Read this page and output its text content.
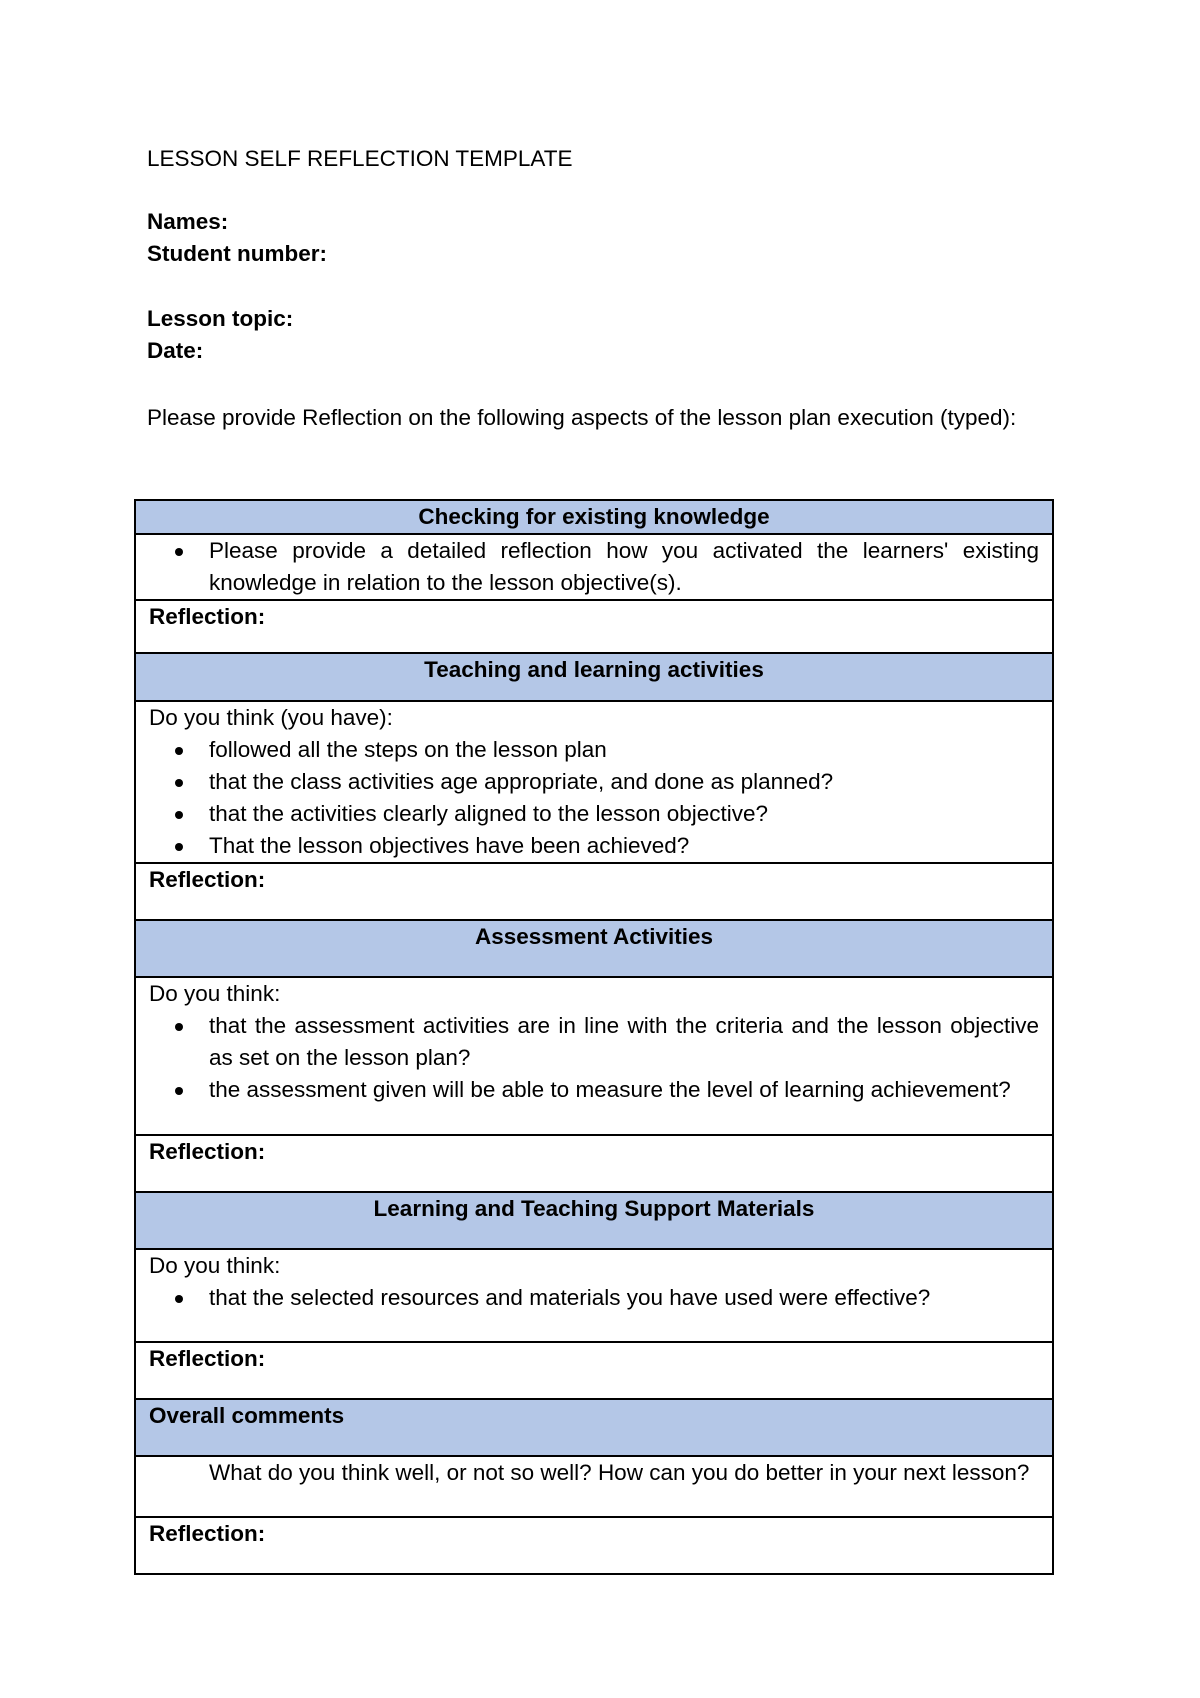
LESSON SELF REFLECTION TEMPLATE
Names:
Student number:
Lesson topic:
Date:
Please provide Reflection on the following aspects of the lesson plan execution (typed):
Checking for existing knowledge

Please provide a detailed reflection how you activated the learners' existing knowledge in relation to the lesson objective(s).

Reflection:
Teaching and learning activities

Do you think (you have):
followed all the steps on the lesson plan
that the class activities age appropriate, and done as planned?
that the activities clearly aligned to the lesson objective?
That the lesson objectives have been achieved?

Reflection:
Assessment Activities

Do you think:
that the assessment activities are in line with the criteria and the lesson objective as set on the lesson plan?
the assessment given will be able to measure the level of learning achievement?

Reflection:
Learning and Teaching Support Materials

Do you think:
that the selected resources and materials you have used were effective?

Reflection:
Overall comments

What do you think well, or not so well? How can you do better in your next lesson?

Reflection:
